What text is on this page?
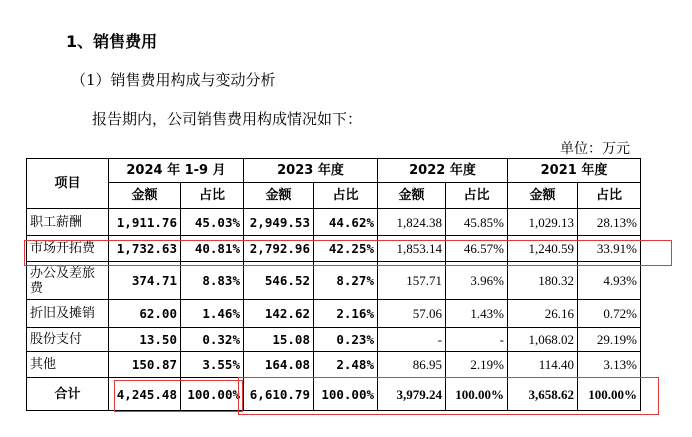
1、销售费用
（1）销售费用构成与变动分析
报告期内，公司销售费用构成情况如下：
单位：万元
项目	2024 年 1-9 月		2023 年度		2022 年度		2021 年度	
	金额	占比	金额	占比	金额	占比	金额	占比
职工薪酬	1,911.76	45.03%	2,949.53	44.62%	1,824.38	45.85%	1,029.13	28.13%
市场开拓费	1,732.63	40.81%	2,792.96	42.25%	1,853.14	46.57%	1,240.59	33.91%
办公及差旅费	374.71	8.83%	546.52	8.27%	157.71	3.96%	180.32	4.93%
折旧及摊销	62.00	1.46%	142.62	2.16%	57.06	1.43%	26.16	0.72%
股份支付	13.50	0.32%	15.08	0.23%	-	-	1,068.02	29.19%
其他	150.87	3.55%	164.08	2.48%	86.95	2.19%	114.40	3.13%
合计	4,245.48	100.00%	6,610.79	100.00%	3,979.24	100.00%	3,658.62	100.00%
